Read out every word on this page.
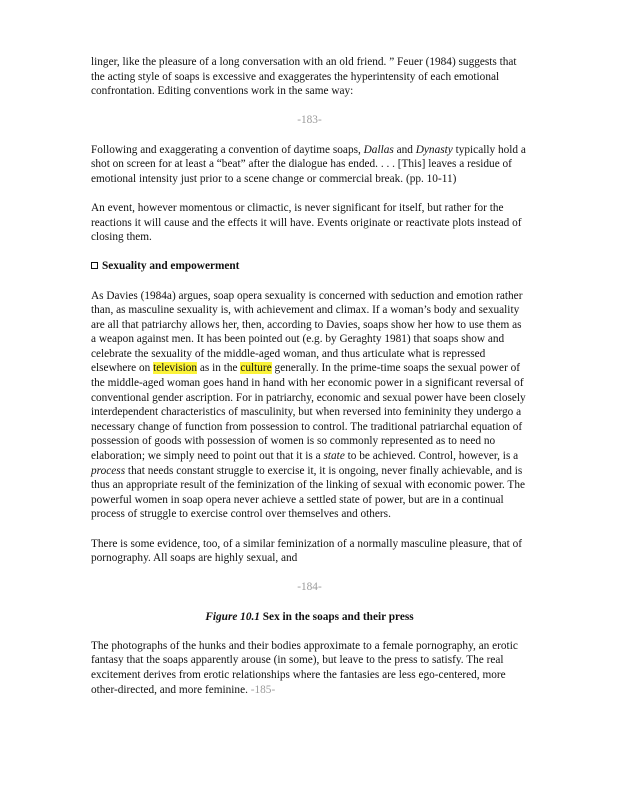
linger, like the pleasure of a long conversation with an old friend. ” Feuer (1984) suggests that the acting style of soaps is excessive and exaggerates the hyperintensity of each emotional confrontation. Editing conventions work in the same way:

-183-

Following and exaggerating a convention of daytime soaps, Dallas and Dynasty typically hold a shot on screen for at least a “beat” after the dialogue has ended. . . . [This] leaves a residue of emotional intensity just prior to a scene change or commercial break. (pp. 10-11)

An event, however momentous or climactic, is never significant for itself, but rather for the reactions it will cause and the effects it will have. Events originate or reactivate plots instead of closing them.

Sexuality and empowerment

As Davies (1984a) argues, soap opera sexuality is concerned with seduction and emotion rather than, as masculine sexuality is, with achievement and climax. If a woman’s body and sexuality are all that patriarchy allows her, then, according to Davies, soaps show her how to use them as a weapon against men. It has been pointed out (e.g. by Geraghty 1981) that soaps show and celebrate the sexuality of the middle-aged woman, and thus articulate what is repressed elsewhere on television as in the culture generally. In the prime-time soaps the sexual power of the middle-aged woman goes hand in hand with her economic power in a significant reversal of conventional gender ascription. For in patriarchy, economic and sexual power have been closely interdependent characteristics of masculinity, but when reversed into femininity they undergo a necessary change of function from possession to control. The traditional patriarchal equation of possession of goods with possession of women is so commonly represented as to need no elaboration; we simply need to point out that it is a state to be achieved. Control, however, is a process that needs constant struggle to exercise it, it is ongoing, never finally achievable, and is thus an appropriate result of the feminization of the linking of sexual with economic power. The powerful women in soap opera never achieve a settled state of power, but are in a continual process of struggle to exercise control over themselves and others.

There is some evidence, too, of a similar feminization of a normally masculine pleasure, that of pornography. All soaps are highly sexual, and

-184-

Figure 10.1 Sex in the soaps and their press

The photographs of the hunks and their bodies approximate to a female pornography, an erotic fantasy that the soaps apparently arouse (in some), but leave to the press to satisfy. The real excitement derives from erotic relationships where the fantasies are less ego-centered, more other-directed, and more feminine. -185-
